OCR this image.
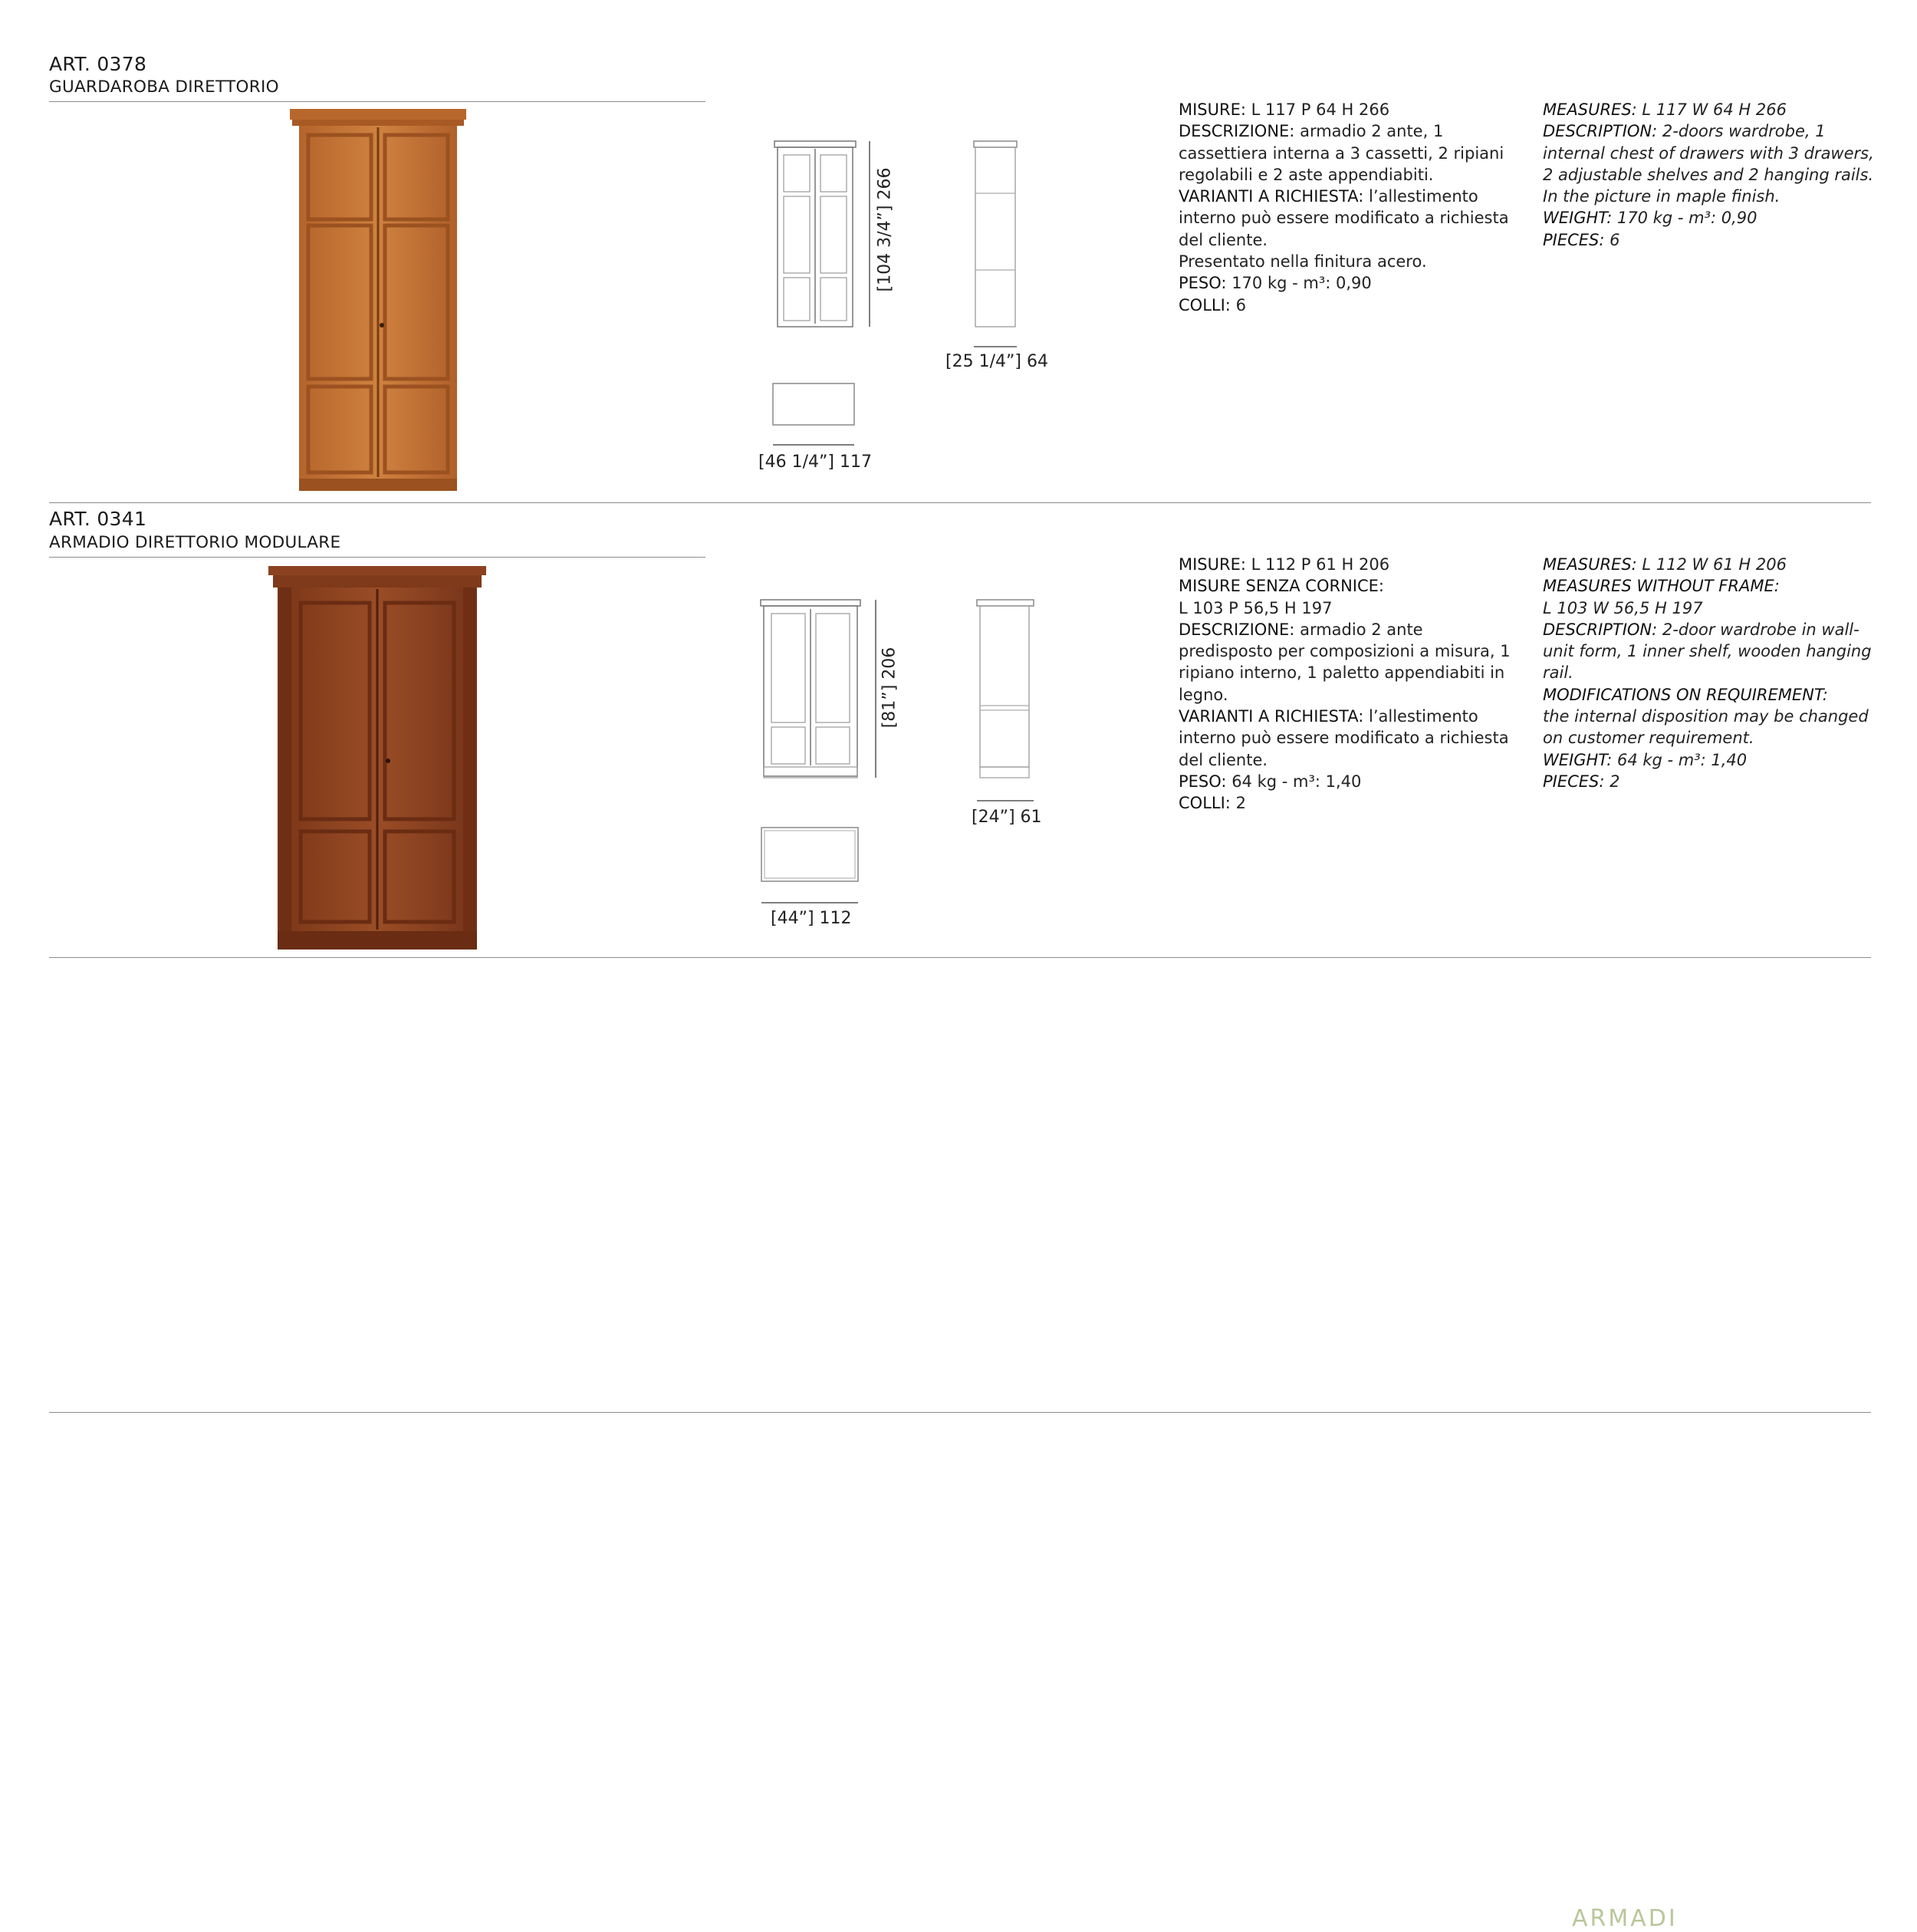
ART. 0378
GUARDAROBA DIRETTORIO
[104 3/4”] 266
[25 1/4”] 64
[46 1/4”] 117

MISURE: L 117 P 64 H 266

DESCRIZIONE: armadio 2 ante, 1 cassettiera interna a 3 cassetti, 2 ripiani regolabili e 2 aste appendiabiti.

VARIANTI A RICHIESTA: l’allestimento interno può essere modificato a richiesta del cliente.

Presentato nella finitura acero.

PESO: 170 kg - m³: 0,90

COLLI: 6

MEASURES: L 117 W 64 H 266

DESCRIPTION: 2-doors wardrobe, 1 internal chest of drawers with 3 drawers, 2 adjustable shelves and 2 hanging rails. In the picture in maple finish.

WEIGHT: 170 kg - m³: 0,90

PIECES: 6

ART. 0341
ARMADIO DIRETTORIO MODULARE
[81”] 206
[24”] 61
[44”] 112

MISURE: L 112 P 61 H 206

MISURE SENZA CORNICE:

L 103 P 56,5 H 197

DESCRIZIONE: armadio 2 ante predisposto per composizioni a misura, 1 ripiano interno, 1 paletto appendiabiti in legno.

VARIANTI A RICHIESTA: l’allestimento interno può essere modificato a richiesta del cliente.

PESO: 64 kg - m³: 1,40

COLLI: 2

MEASURES: L 112 W 61 H 206

MEASURES WITHOUT FRAME:

L 103 W 56,5 H 197

DESCRIPTION: 2-door wardrobe in wall-unit form, 1 inner shelf, wooden hanging rail.

MODIFICATIONS ON REQUIREMENT:

the internal disposition may be changed on customer requirement.

WEIGHT: 64 kg - m³: 1,40

PIECES: 2

ARMADI
